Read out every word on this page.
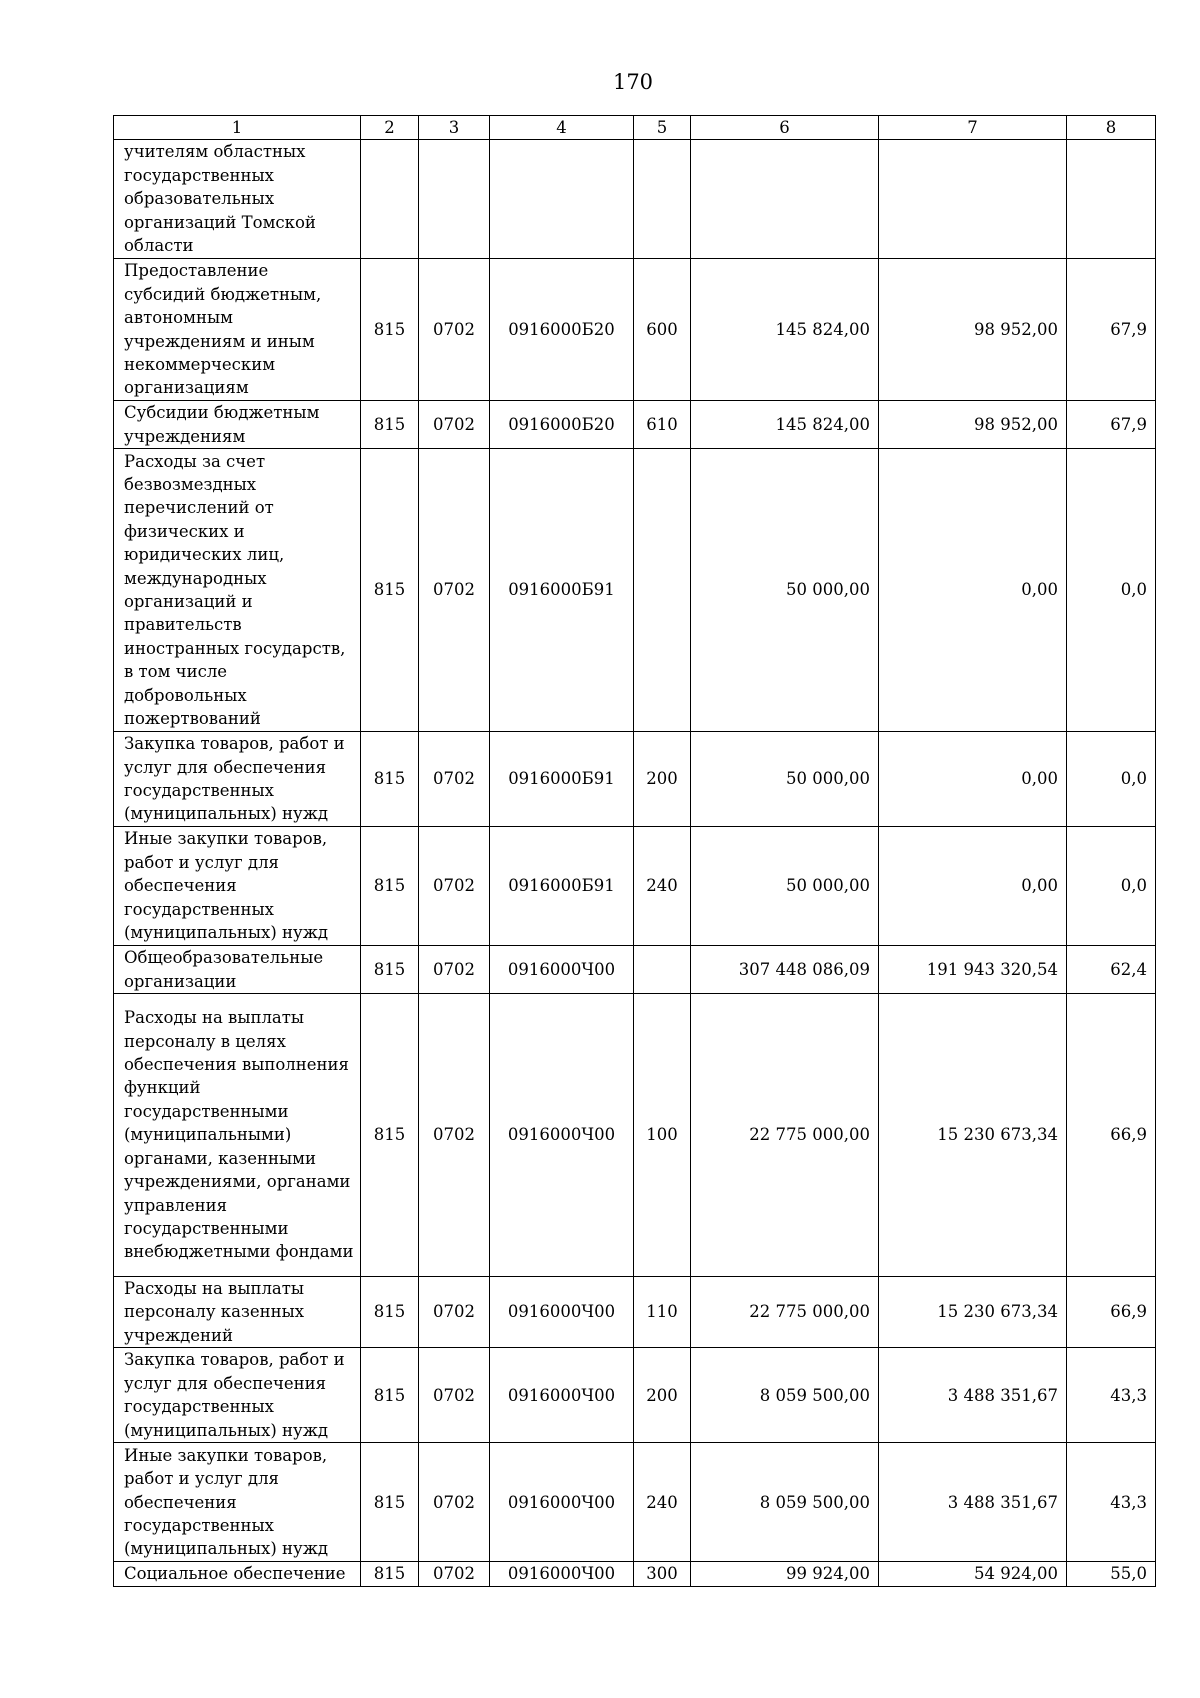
170
1	2	3	4	5	6	7	8
учителям областных государственных образовательных организаций Томской области							
Предоставление субсидий бюджетным, автономным учреждениям и иным некоммерческим организациям	815	0702	0916000Б20	600	145 824,00	98 952,00	67,9
Субсидии бюджетным учреждениям	815	0702	0916000Б20	610	145 824,00	98 952,00	67,9
Расходы за счет безвозмездных перечислений от физических и юридических лиц, международных организаций и правительств иностранных государств, в том числе добровольных пожертвований	815	0702	0916000Б91		50 000,00	0,00	0,0
Закупка товаров, работ и услуг для обеспечения государственных (муниципальных) нужд	815	0702	0916000Б91	200	50 000,00	0,00	0,0
Иные закупки товаров, работ и услуг для обеспечения государственных (муниципальных) нужд	815	0702	0916000Б91	240	50 000,00	0,00	0,0
Общеобразовательные организации	815	0702	0916000Ч00		307 448 086,09	191 943 320,54	62,4
Расходы на выплаты персоналу в целях обеспечения выполнения функций государственными (муниципальными) органами, казенными учреждениями, органами управления государственными внебюджетными фондами	815	0702	0916000Ч00	100	22 775 000,00	15 230 673,34	66,9
Расходы на выплаты персоналу казенных учреждений	815	0702	0916000Ч00	110	22 775 000,00	15 230 673,34	66,9
Закупка товаров, работ и услуг для обеспечения государственных (муниципальных) нужд	815	0702	0916000Ч00	200	8 059 500,00	3 488 351,67	43,3
Иные закупки товаров, работ и услуг для обеспечения государственных (муниципальных) нужд	815	0702	0916000Ч00	240	8 059 500,00	3 488 351,67	43,3
Социальное обеспечение	815	0702	0916000Ч00	300	99 924,00	54 924,00	55,0
